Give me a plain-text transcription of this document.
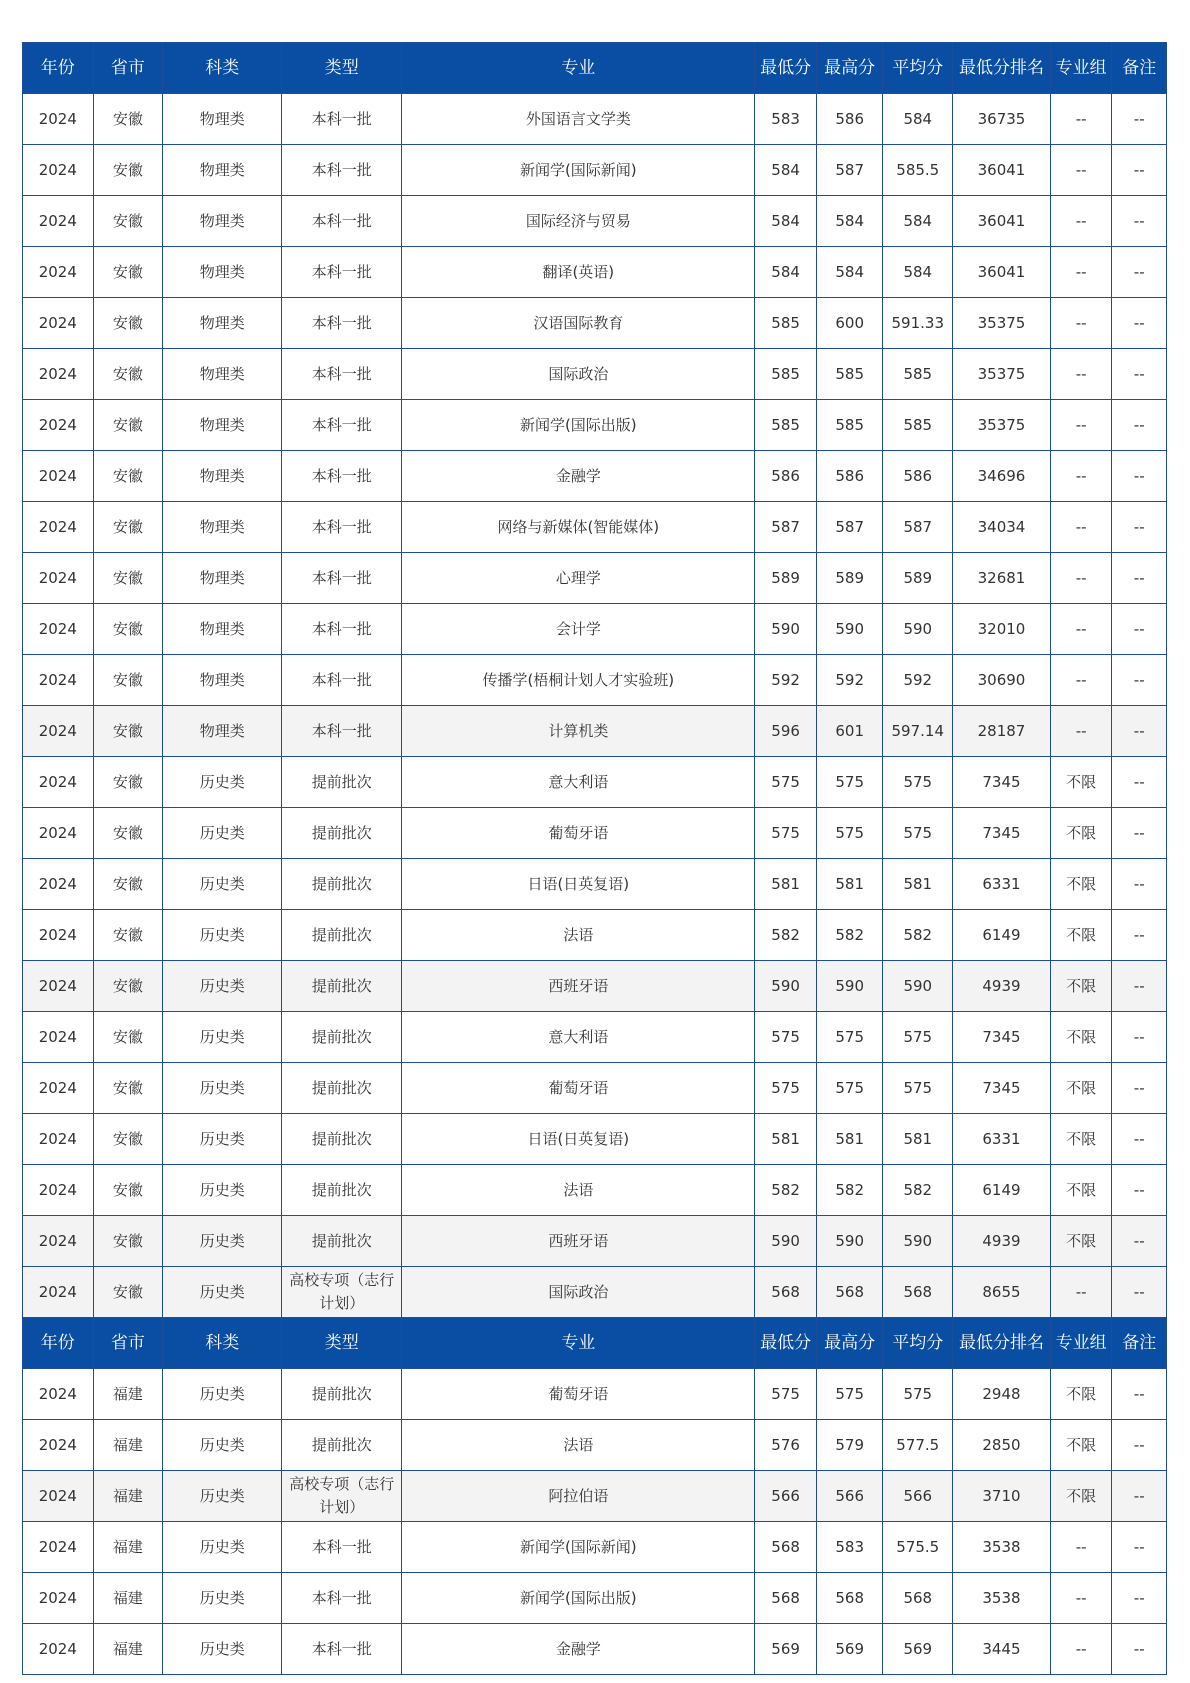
年份	省市	科类	类型	专业	最低分	最高分	平均分	最低分排名	专业组	备注
2024	安徽	物理类	本科一批	外国语言文学类	583	586	584	36735	--	--
2024	安徽	物理类	本科一批	新闻学(国际新闻)	584	587	585.5	36041	--	--
2024	安徽	物理类	本科一批	国际经济与贸易	584	584	584	36041	--	--
2024	安徽	物理类	本科一批	翻译(英语)	584	584	584	36041	--	--
2024	安徽	物理类	本科一批	汉语国际教育	585	600	591.33	35375	--	--
2024	安徽	物理类	本科一批	国际政治	585	585	585	35375	--	--
2024	安徽	物理类	本科一批	新闻学(国际出版)	585	585	585	35375	--	--
2024	安徽	物理类	本科一批	金融学	586	586	586	34696	--	--
2024	安徽	物理类	本科一批	网络与新媒体(智能媒体)	587	587	587	34034	--	--
2024	安徽	物理类	本科一批	心理学	589	589	589	32681	--	--
2024	安徽	物理类	本科一批	会计学	590	590	590	32010	--	--
2024	安徽	物理类	本科一批	传播学(梧桐计划人才实验班)	592	592	592	30690	--	--
2024	安徽	物理类	本科一批	计算机类	596	601	597.14	28187	--	--
2024	安徽	历史类	提前批次	意大利语	575	575	575	7345	不限	--
2024	安徽	历史类	提前批次	葡萄牙语	575	575	575	7345	不限	--
2024	安徽	历史类	提前批次	日语(日英复语)	581	581	581	6331	不限	--
2024	安徽	历史类	提前批次	法语	582	582	582	6149	不限	--
2024	安徽	历史类	提前批次	西班牙语	590	590	590	4939	不限	--
2024	安徽	历史类	提前批次	意大利语	575	575	575	7345	不限	--
2024	安徽	历史类	提前批次	葡萄牙语	575	575	575	7345	不限	--
2024	安徽	历史类	提前批次	日语(日英复语)	581	581	581	6331	不限	--
2024	安徽	历史类	提前批次	法语	582	582	582	6149	不限	--
2024	安徽	历史类	提前批次	西班牙语	590	590	590	4939	不限	--
2024	安徽	历史类	高校专项（志行计划）	国际政治	568	568	568	8655	--	--
年份	省市	科类	类型	专业	最低分	最高分	平均分	最低分排名	专业组	备注
2024	福建	历史类	提前批次	葡萄牙语	575	575	575	2948	不限	--
2024	福建	历史类	提前批次	法语	576	579	577.5	2850	不限	--
2024	福建	历史类	高校专项（志行计划）	阿拉伯语	566	566	566	3710	不限	--
2024	福建	历史类	本科一批	新闻学(国际新闻)	568	583	575.5	3538	--	--
2024	福建	历史类	本科一批	新闻学(国际出版)	568	568	568	3538	--	--
2024	福建	历史类	本科一批	金融学	569	569	569	3445	--	--
